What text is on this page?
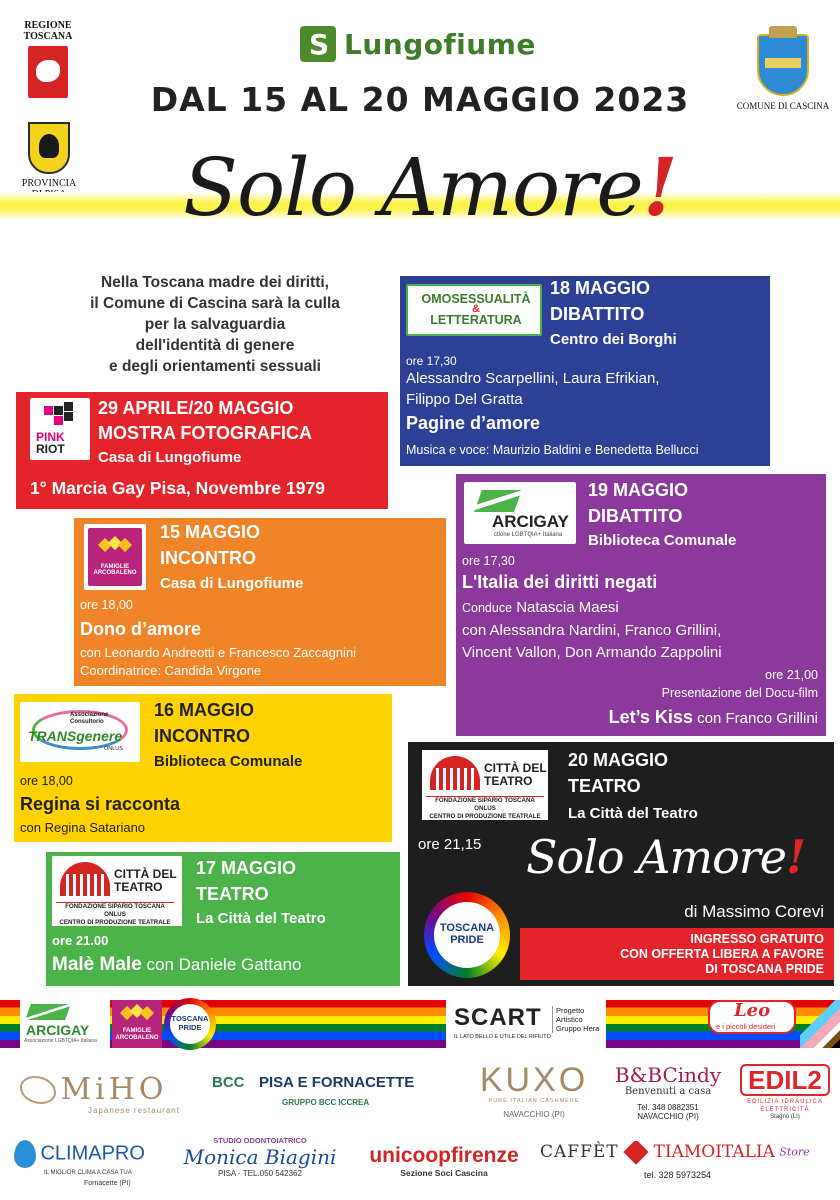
REGIONE
TOSCANA
PROVINCIA

COMUNE DI CASCINA
S
Lungofiume
DAL 15 AL 20 MAGGIO 2023
Solo Amore!
Nella Toscana madre dei diritti,
il Comune di Cascina sarà la culla
per la salvaguardia
dell'identità di genere
e degli orientamenti sessuali
PINK
RIOT
29 APRILE/20 MAGGIO
MOSTRA FOTOGRAFICA
Casa di Lungofiume
1° Marcia Gay Pisa, Novembre 1979
OMOSESSUALITÀ
&
LETTERATURA
18 MAGGIO
DIBATTITO
Centro dei Borghi
ore 17,30
Alessandro Scarpellini, Laura Efrikian,
Filippo Del Gratta
Pagine d’amore
Musica e voce: Maurizio Baldini e Benedetta Bellucci
FAMIGLIE ARCOBALENO
15 MAGGIO
INCONTRO
Casa di Lungofiume
ore 18,00
Dono d’amore
con Leonardo Andreotti e Francesco Zaccagnini
Coordinatrice: Candida Virgone
ARCIGAY
ctione LGBTQIA+ Italiana
19 MAGGIO
DIBATTITO
Biblioteca Comunale
ore 17,30
L'Italia dei diritti negati
Conduce Natascia Maesi
con Alessandra Nardini, Franco Grillini,
Vincent Vallon, Don Armando Zappolini
ore 21,00
Presentazione del Docu-film
Let’s Kiss con Franco Grillini
Associazione Consultorio
TRANSgenere
ONLUS
16 MAGGIO
INCONTRO
Biblioteca Comunale
ore 18,00
Regina si racconta
con Regina Satariano
CITTÀ DEL
TEATRO
FONDAZIONE SIPARIO TOSCANA ONLUS
CENTRO DI PRODUZIONE TEATRALE
20 MAGGIO
TEATRO
La Città del Teatro
ore 21,15 Solo Amore!
di Massimo Corevi
TOSCANA
PRIDE	INGRESSO GRATUITO
CON OFFERTA LIBERA A FAVORE
DI TOSCANA PRIDE
CITTÀ DEL
TEATRO
FONDAZIONE SIPARIO TOSCANA ONLUS
CENTRO DI PRODUZIONE TEATRALE
17 MAGGIO
TEATRO
La Città del Teatro
ore 21.00
Malè Male con Daniele Gattano
ARCIGAY
Associazione LGBTQIA+ Italiana
FAMIGLIE ARCOBALENO
TOSCANA
PRIDE	SCART
IL LATO BELLO E UTILE DEL RIFIUTO
Progetto
Artistico
Gruppo Hera
Leo
e i piccoli desideri
MiHO
Japanese restaurant
BCC PISA E FORNACETTE
GRUPPO BCC ICCREA
KUXO
PURE ITALIAN CASHMERE
NAVACCHIO (PI)
B&BCindy
Benvenuti a casa
Tel. 348 0882351
NAVACCHIO (PI)
EDIL2
EDILIZIA IDRAULICA ELETTRICITÀ
Stagno (LI)
CLIMAPRO
IL MIGLIOR CLIMA A CASA TUA
Fornacette (PI)
STUDIO ODONTOIATRICO
Monica Biagini
PISA - TEL.050 542362
unicoopfirenze
Sezione Soci Cascina
CAFFÈT TIAMOITALIA Store
tel. 328 5973254
